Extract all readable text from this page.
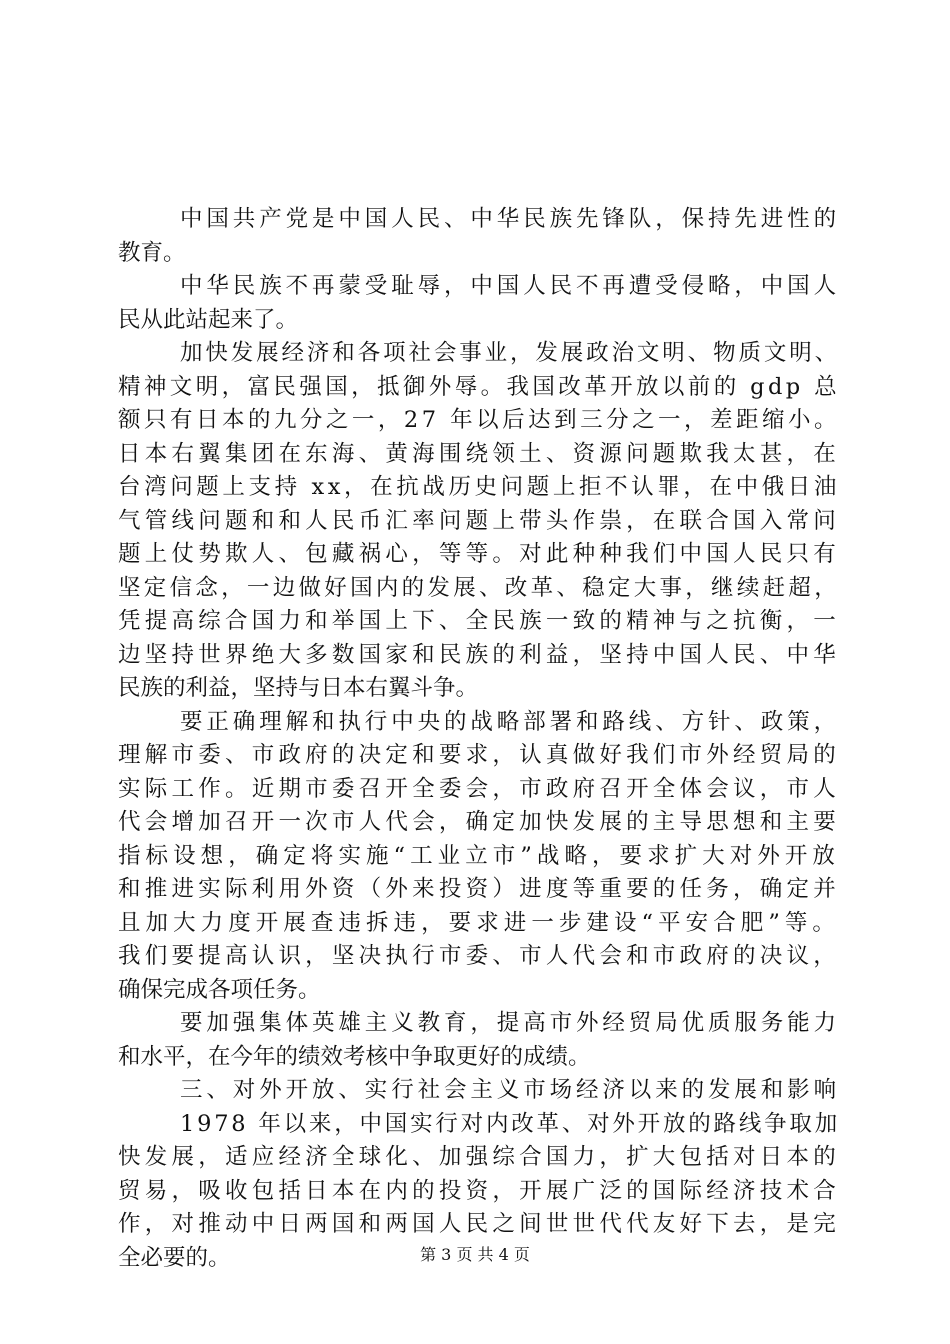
中国共产党是中国人民、中华民族先锋队，保持先进性的
教育。
中华民族不再蒙受耻辱，中国人民不再遭受侵略，中国人
民从此站起来了。
加快发展经济和各项社会事业，发展政治文明、物质文明、
精神文明，富民强国，抵御外辱。我国改革开放以前的 gdp 总
额只有日本的九分之一，27 年以后达到三分之一，差距缩小。
日本右翼集团在东海、黄海围绕领土、资源问题欺我太甚，在
台湾问题上支持 xx，在抗战历史问题上拒不认罪，在中俄日油
气管线问题和和人民币汇率问题上带头作祟，在联合国入常问
题上仗势欺人、包藏祸心，等等。对此种种我们中国人民只有
坚定信念，一边做好国内的发展、改革、稳定大事，继续赶超，
凭提高综合国力和举国上下、全民族一致的精神与之抗衡，一
边坚持世界绝大多数国家和民族的利益，坚持中国人民、中华
民族的利益，坚持与日本右翼斗争。
要正确理解和执行中央的战略部署和路线、方针、政策，
理解市委、市政府的决定和要求，认真做好我们市外经贸局的
实际工作。近期市委召开全委会，市政府召开全体会议，市人
代会增加召开一次市人代会，确定加快发展的主导思想和主要
指标设想，确定将实施“工业立市”战略，要求扩大对外开放
和推进实际利用外资（外来投资）进度等重要的任务，确定并
且加大力度开展查违拆违，要求进一步建设“平安合肥”等。
我们要提高认识，坚决执行市委、市人代会和市政府的决议，
确保完成各项任务。
要加强集体英雄主义教育，提高市外经贸局优质服务能力
和水平，在今年的绩效考核中争取更好的成绩。
三、对外开放、实行社会主义市场经济以来的发展和影响
1978 年以来，中国实行对内改革、对外开放的路线争取加
快发展，适应经济全球化、加强综合国力，扩大包括对日本的
贸易，吸收包括日本在内的投资，开展广泛的国际经济技术合
作，对推动中日两国和两国人民之间世世代代友好下去，是完
全必要的。	第 3 页 共 4 页
